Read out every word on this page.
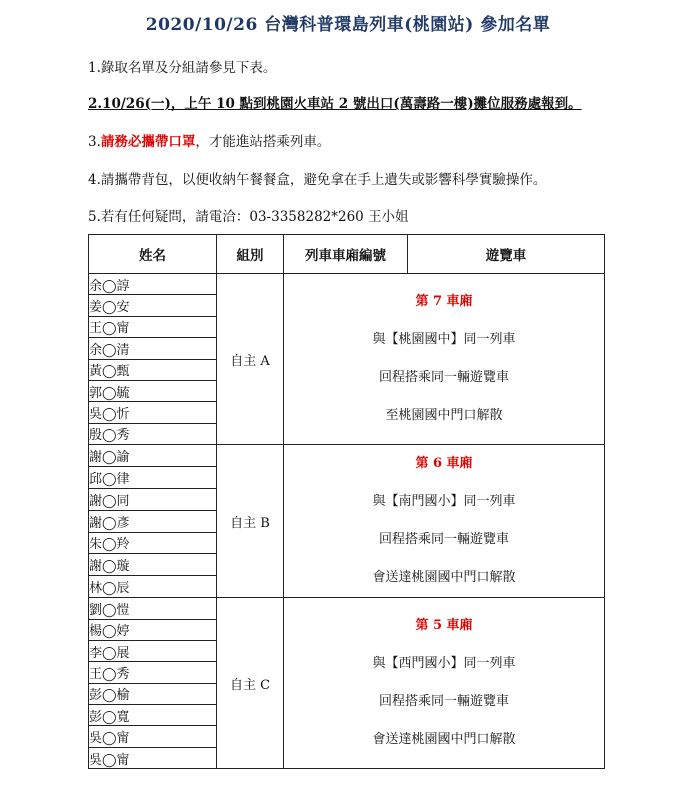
2020/10/26 台灣科普環島列車(桃園站) 參加名單
1.錄取名單及分組請參見下表。
2.10/26(一)，上午 10 點到桃園火車站 2 號出口(萬壽路一樓)攤位服務處報到。
3.請務必攜帶口罩，才能進站搭乘列車。
4.請攜帶背包，以便收納午餐餐盒，避免拿在手上遺失或影響科學實驗操作。
5.若有任何疑問，請電洽：03-3358282*260 王小姐
姓名	組別	列車車廂編號	遊覽車
余◯諄	自主 A	第 7 車廂
與【桃園國中】同一列車
回程搭乘同一輛遊覽車
至桃園國中門口解散	

姜◯安			
王◯甯			
余◯清			
黃◯甄			
郭◯毓			
吳◯忻			
殷◯秀			
謝◯諭	自主 B	第 6 車廂
與【南門國小】同一列車
回程搭乘同一輛遊覽車
會送達桃園國中門口解散	

邱◯律			
謝◯同			
謝◯彥			
朱◯羚			
謝◯璇			
林◯辰			
劉◯愷	自主 C	第 5 車廂
與【西門國小】同一列車
回程搭乘同一輛遊覽車
會送達桃園國中門口解散	

楊◯婷			
李◯展			
王◯秀			
彭◯榆			
彭◯寬			
吳◯甯			
吳◯甯			
